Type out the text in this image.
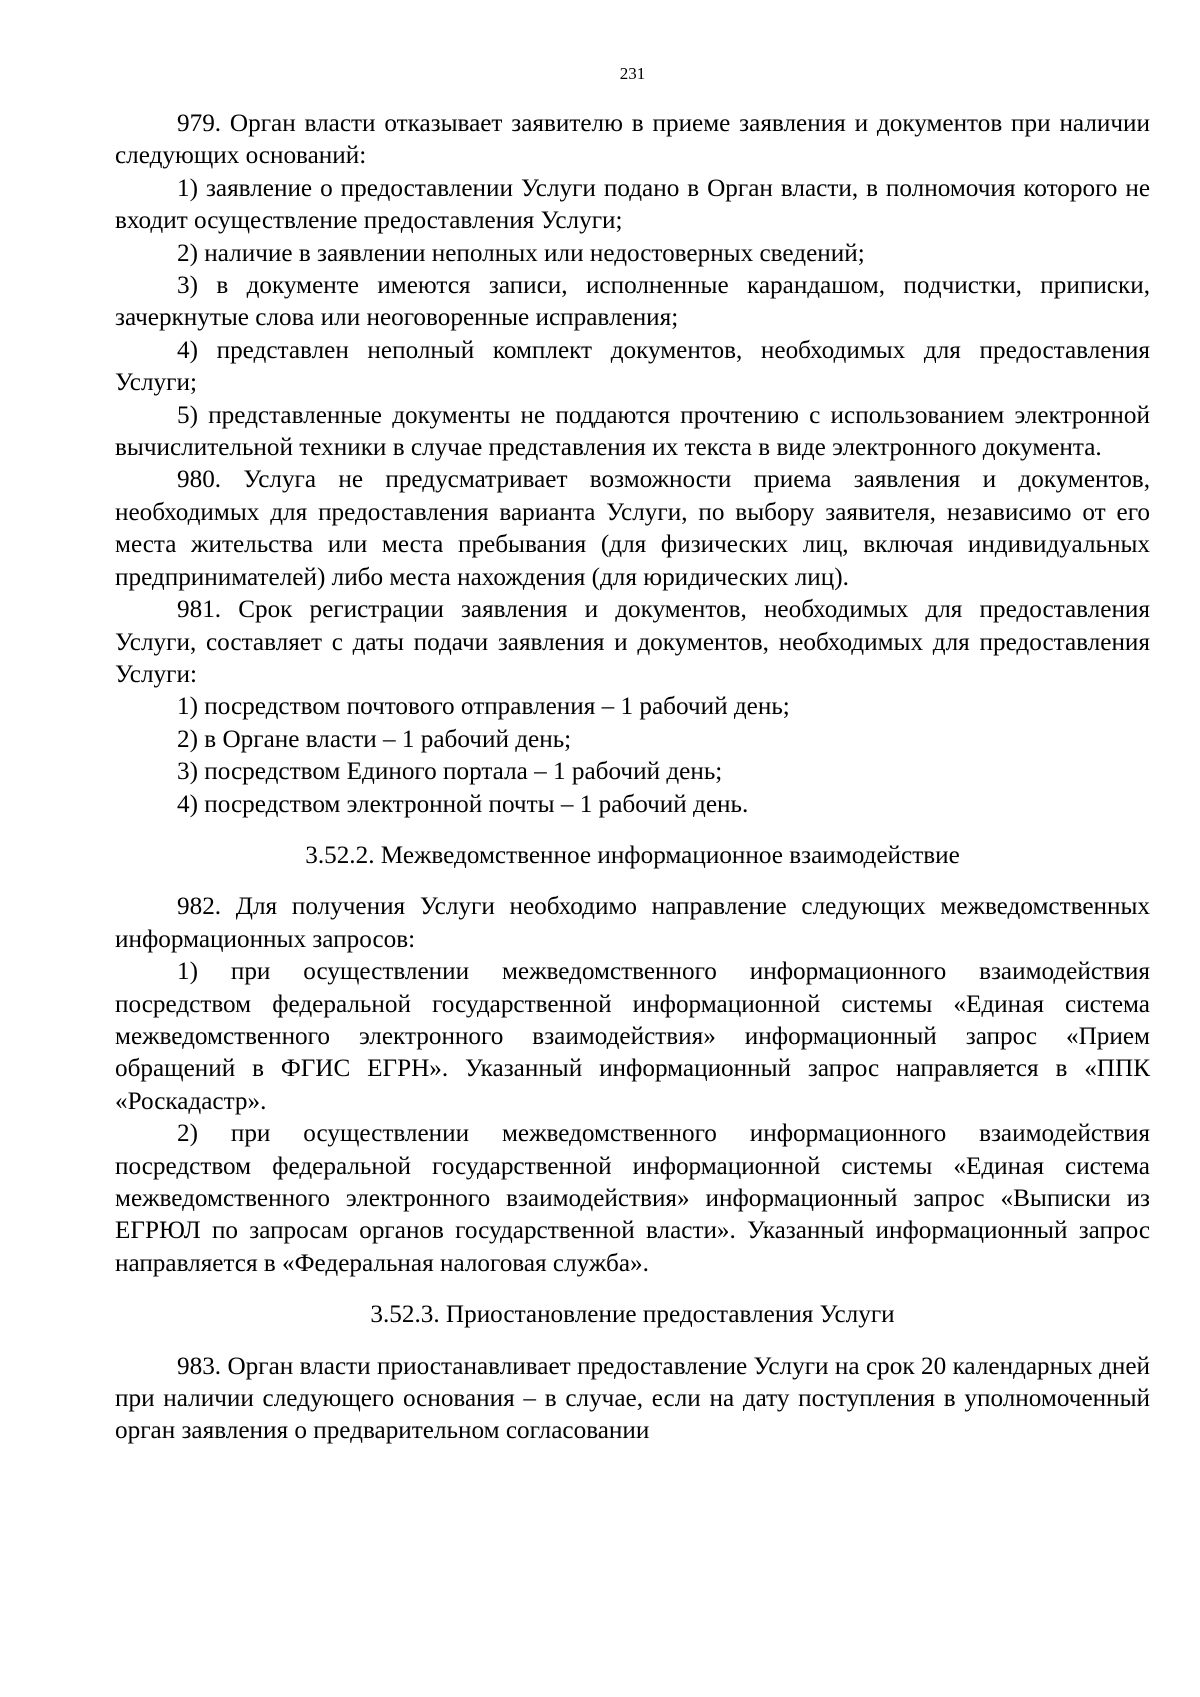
231

979. Орган власти отказывает заявителю в приеме заявления и документов при наличии следующих оснований:

1) заявление о предоставлении Услуги подано в Орган власти, в полномочия которого не входит осуществление предоставления Услуги;

2) наличие в заявлении неполных или недостоверных сведений;

3) в документе имеются записи, исполненные карандашом, подчистки, приписки, зачеркнутые слова или неоговоренные исправления;

4) представлен неполный комплект документов, необходимых для предоставления Услуги;

5) представленные документы не поддаются прочтению с использованием электронной вычислительной техники в случае представления их текста в виде электронного документа.

980. Услуга не предусматривает возможности приема заявления и документов, необходимых для предоставления варианта Услуги, по выбору заявителя, независимо от его места жительства или места пребывания (для физических лиц, включая индивидуальных предпринимателей) либо места нахождения (для юридических лиц).

981. Срок регистрации заявления и документов, необходимых для предоставления Услуги, составляет с даты подачи заявления и документов, необходимых для предоставления Услуги:

1) посредством почтового отправления – 1 рабочий день;

2) в Органе власти – 1 рабочий день;

3) посредством Единого портала – 1 рабочий день;

4) посредством электронной почты – 1 рабочий день.

3.52.2. Межведомственное информационное взаимодействие

982. Для получения Услуги необходимо направление следующих межведомственных информационных запросов:

1) при осуществлении межведомственного информационного взаимодействия посредством федеральной государственной информационной системы «Единая система межведомственного электронного взаимодействия» информационный запрос «Прием обращений в ФГИС ЕГРН». Указанный информационный запрос направляется в «ППК «Роскадастр».

2) при осуществлении межведомственного информационного взаимодействия посредством федеральной государственной информационной системы «Единая система межведомственного электронного взаимодействия» информационный запрос «Выписки из ЕГРЮЛ по запросам органов государственной власти». Указанный информационный запрос направляется в «Федеральная налоговая служба».

3.52.3. Приостановление предоставления Услуги

983. Орган власти приостанавливает предоставление Услуги на срок 20 календарных дней при наличии следующего основания – в случае, если на дату поступления в уполномоченный орган заявления о предварительном согласовании
